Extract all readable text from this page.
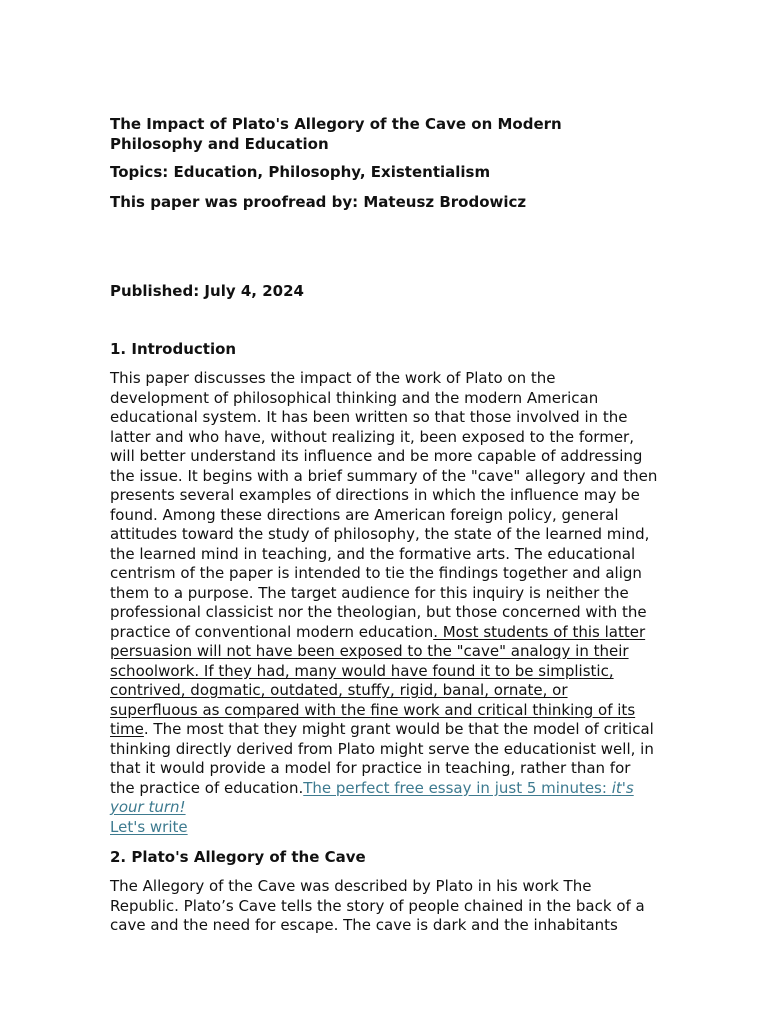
The Impact of Plato's Allegory of the Cave on Modern Philosophy and Education

Topics: Education, Philosophy, Existentialism

This paper was proofread by: Mateusz Brodowicz

Published: July 4, 2024

1. Introduction

This paper discusses the impact of the work of Plato on the development of philosophical thinking and the modern American educational system. It has been written so that those involved in the latter and who have, without realizing it, been exposed to the former, will better understand its influence and be more capable of addressing the issue. It begins with a brief summary of the "cave" allegory and then presents several examples of directions in which the influence may be found. Among these directions are American foreign policy, general attitudes toward the study of philosophy, the state of the learned mind, the learned mind in teaching, and the formative arts. The educational centrism of the paper is intended to tie the findings together and align them to a purpose. The target audience for this inquiry is neither the professional classicist nor the theologian, but those concerned with the practice of conventional modern education. Most students of this latter persuasion will not have been exposed to the "cave" analogy in their schoolwork. If they had, many would have found it to be simplistic, contrived, dogmatic, outdated, stuffy, rigid, banal, ornate, or superfluous as compared with the fine work and critical thinking of its time. The most that they might grant would be that the model of critical thinking directly derived from Plato might serve the educationist well, in that it would provide a model for practice in teaching, rather than for the practice of education.The perfect free essay in just 5 minutes: it's your turn!
Let's write

2. Plato's Allegory of the Cave

The Allegory of the Cave was described by Plato in his work The Republic. Plato’s Cave tells the story of people chained in the back of a cave and the need for escape. The cave is dark and the inhabitants
